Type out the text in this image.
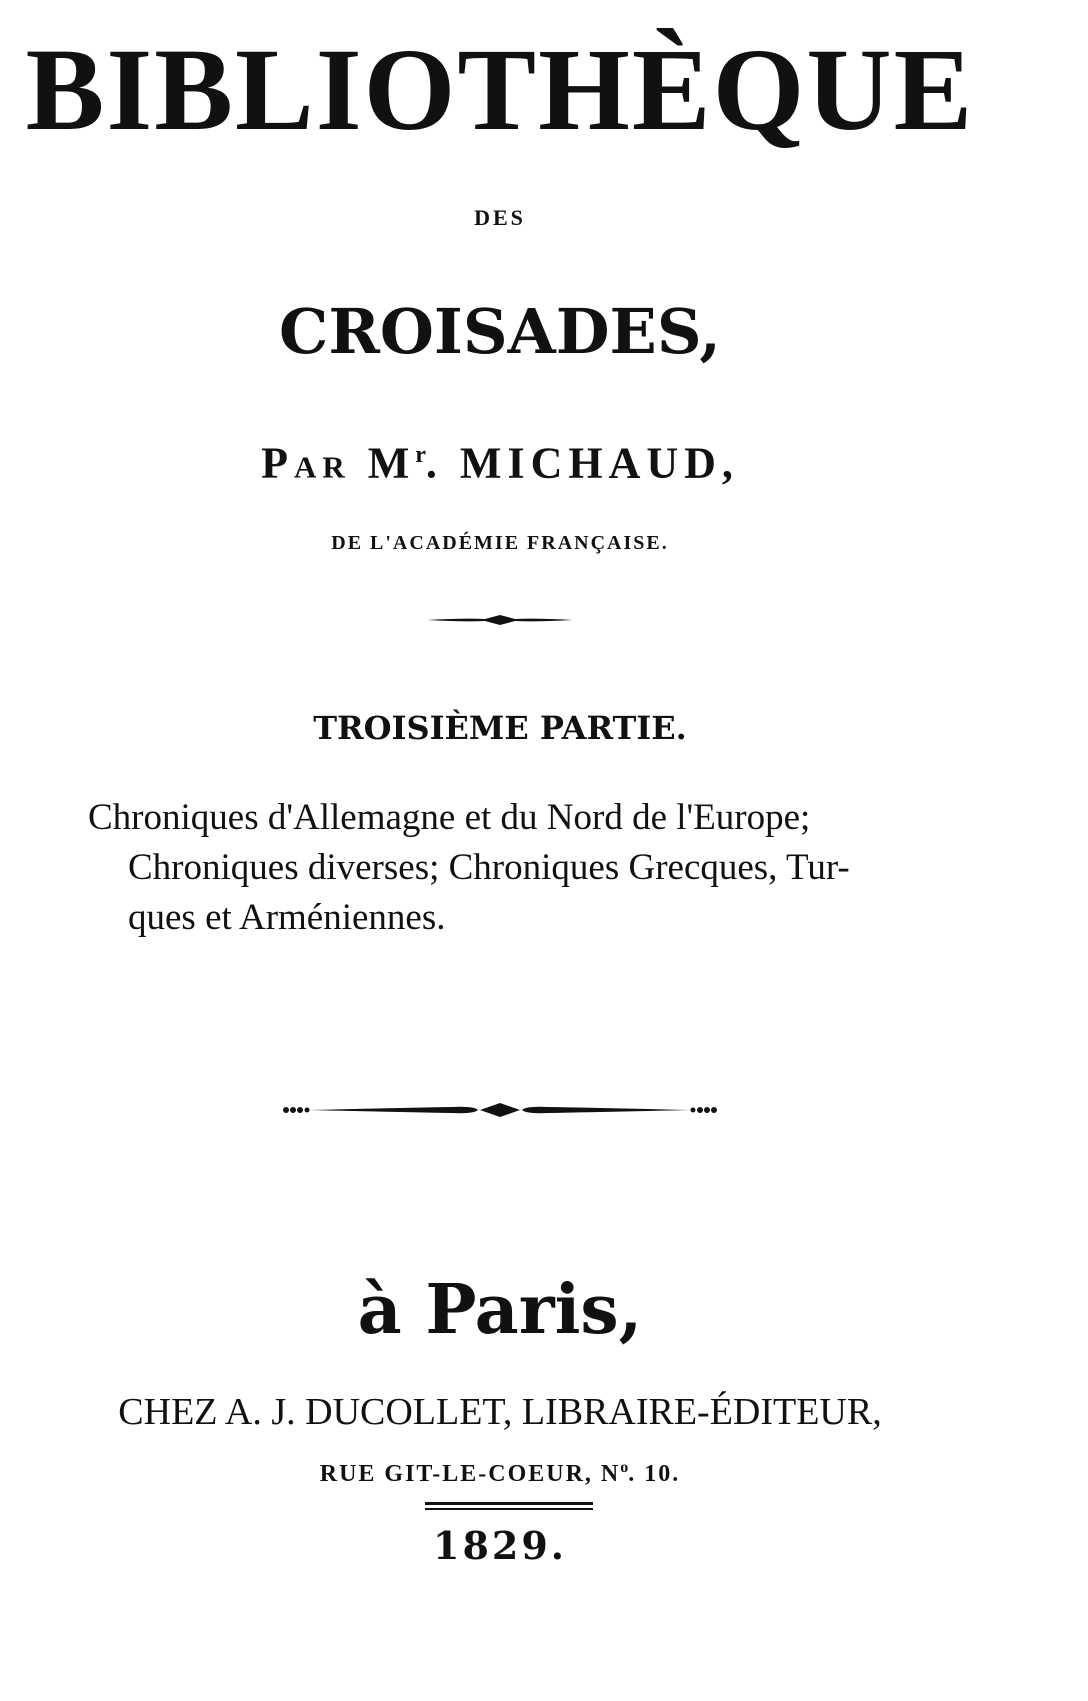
BIBLIOTHÈQUE
DES
CROISADES,
Par $M^r$. MICHAUD,
DE L'ACADÉMIE FRANÇAISE.
TROISIÈME PARTIE.
Chroniques d'Allemagne et du Nord de l'Europe;
Chroniques diverses; Chroniques Grecques, Tur-
ques et Arméniennes.
à Paris,
CHEZ A. J. DUCOLLET, LIBRAIRE-ÉDITEUR,
RUE GIT-LE-COEUR, $N^o$. 10.
1829.
